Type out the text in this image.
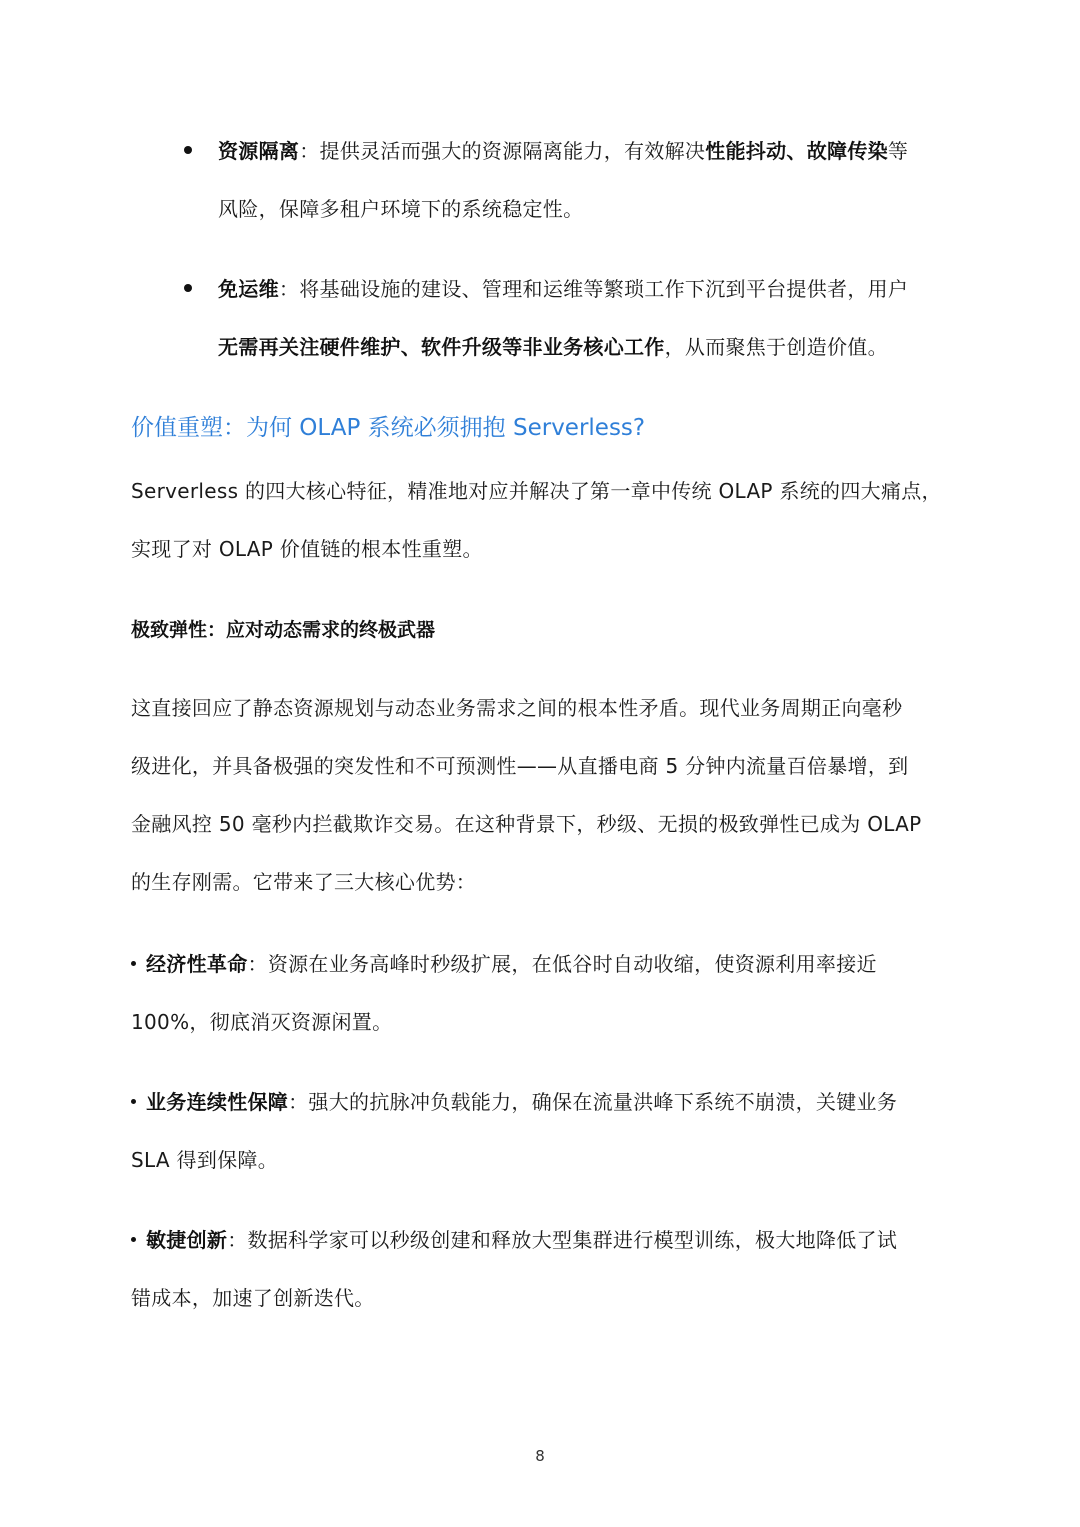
资源隔离：提供灵活而强大的资源隔离能力，有效解决性能抖动、故障传染等
风险，保障多租户环境下的系统稳定性。
免运维：将基础设施的建设、管理和运维等繁琐工作下沉到平台提供者，用户
无需再关注硬件维护、软件升级等非业务核心工作，从而聚焦于创造价值。
价值重塑：为何 OLAP 系统必须拥抱 Serverless?

Serverless 的四大核心特征，精准地对应并解决了第一章中传统 OLAP 系统的四大痛点，
实现了对 OLAP 价值链的根本性重塑。

极致弹性：应对动态需求的终极武器

这直接回应了静态资源规划与动态业务需求之间的根本性矛盾。现代业务周期正向毫秒
级进化，并具备极强的突发性和不可预测性——从直播电商 5 分钟内流量百倍暴增，到
金融风控 50 毫秒内拦截欺诈交易。在这种背景下，秒级、无损的极致弹性已成为 OLAP
的生存刚需。它带来了三大核心优势：

经济性革命：资源在业务高峰时秒级扩展，在低谷时自动收缩，使资源利用率接近
100%，彻底消灭资源闲置。

业务连续性保障：强大的抗脉冲负载能力，确保在流量洪峰下系统不崩溃，关键业务
SLA 得到保障。

敏捷创新：数据科学家可以秒级创建和释放大型集群进行模型训练，极大地降低了试
错成本，加速了创新迭代。

8
